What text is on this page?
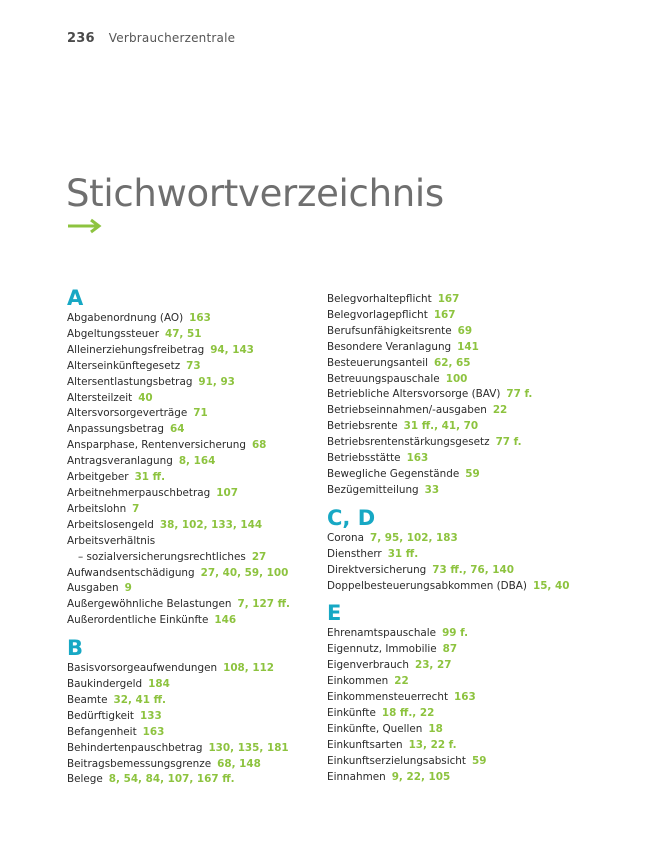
236 Verbraucherzentrale
Stichwortverzeichnis
A
Abgabenordnung (AO) 163
Abgeltungssteuer 47, 51
Alleinerziehungsfreibetrag 94, 143
Alterseinkünftegesetz 73
Altersentlastungsbetrag 91, 93
Altersteilzeit 40
Altersvorsorgeverträge 71
Anpassungsbetrag 64
Ansparphase, Rentenversicherung 68
Antragsveranlagung 8, 164
Arbeitgeber 31 ff.
Arbeitnehmerpauschbetrag 107
Arbeitslohn 7
Arbeitslosengeld 38, 102, 133, 144
Arbeitsverhältnis
– sozialversicherungsrechtliches 27
Aufwandsentschädigung 27, 40, 59, 100
Ausgaben 9
Außergewöhnliche Belastungen 7, 127 ff.
Außerordentliche Einkünfte 146
B
Basisvorsorgeaufwendungen 108, 112
Baukindergeld 184
Beamte 32, 41 ff.
Bedürftigkeit 133
Befangenheit 163
Behindertenpauschbetrag 130, 135, 181
Beitragsbemessungsgrenze 68, 148
Belege 8, 54, 84, 107, 167 ff.
Belegvorhaltepflicht 167
Belegvorlagepflicht 167
Berufsunfähigkeitsrente 69
Besondere Veranlagung 141
Besteuerungsanteil 62, 65
Betreuungspauschale 100
Betriebliche Altersvorsorge (BAV) 77 f.
Betriebseinnahmen/-ausgaben 22
Betriebsrente 31 ff., 41, 70
Betriebsrentenstärkungsgesetz 77 f.
Betriebsstätte 163
Bewegliche Gegenstände 59
Bezügemitteilung 33
C, D
Corona 7, 95, 102, 183
Dienstherr 31 ff.
Direktversicherung 73 ff., 76, 140
Doppelbesteuerungsabkommen (DBA) 15, 40
E
Ehrenamtspauschale 99 f.
Eigennutz, Immobilie 87
Eigenverbrauch 23, 27
Einkommen 22
Einkommensteuerrecht 163
Einkünfte 18 ff., 22
Einkünfte, Quellen 18
Einkunftsarten 13, 22 f.
Einkunftserzielungsabsicht 59
Einnahmen 9, 22, 105
